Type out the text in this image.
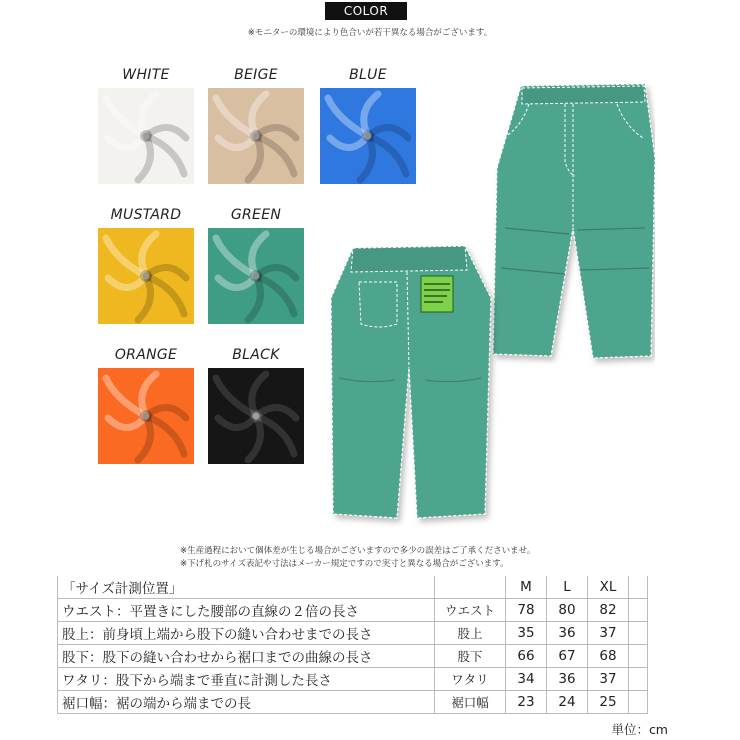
COLOR
※モニターの環境により色合いが若干異なる場合がございます。
WHITE	BEIGE	BLUE
MUSTARD	GREEN
ORANGE	BLACK
※生産過程において個体差が生じる場合がございますので多少の誤差はご了承くださいませ。
※下げ札のサイズ表記や寸法はメーカー規定ですので実寸と異なる場合がございます。
「サイズ計測位置」		M	L	XL	
ウエスト：平置きにした腰部の直線の２倍の長さ	ウエスト	78	80	82	
股上：前身頃上端から股下の縫い合わせまでの長さ	股上	35	36	37	
股下：股下の縫い合わせから裾口までの曲線の長さ	股下	66	67	68	
ワタリ：股下から端まで垂直に計測した長さ	ワタリ	34	36	37	
裾口幅：裾の端から端までの長	裾口幅	23	24	25	
単位：cm
